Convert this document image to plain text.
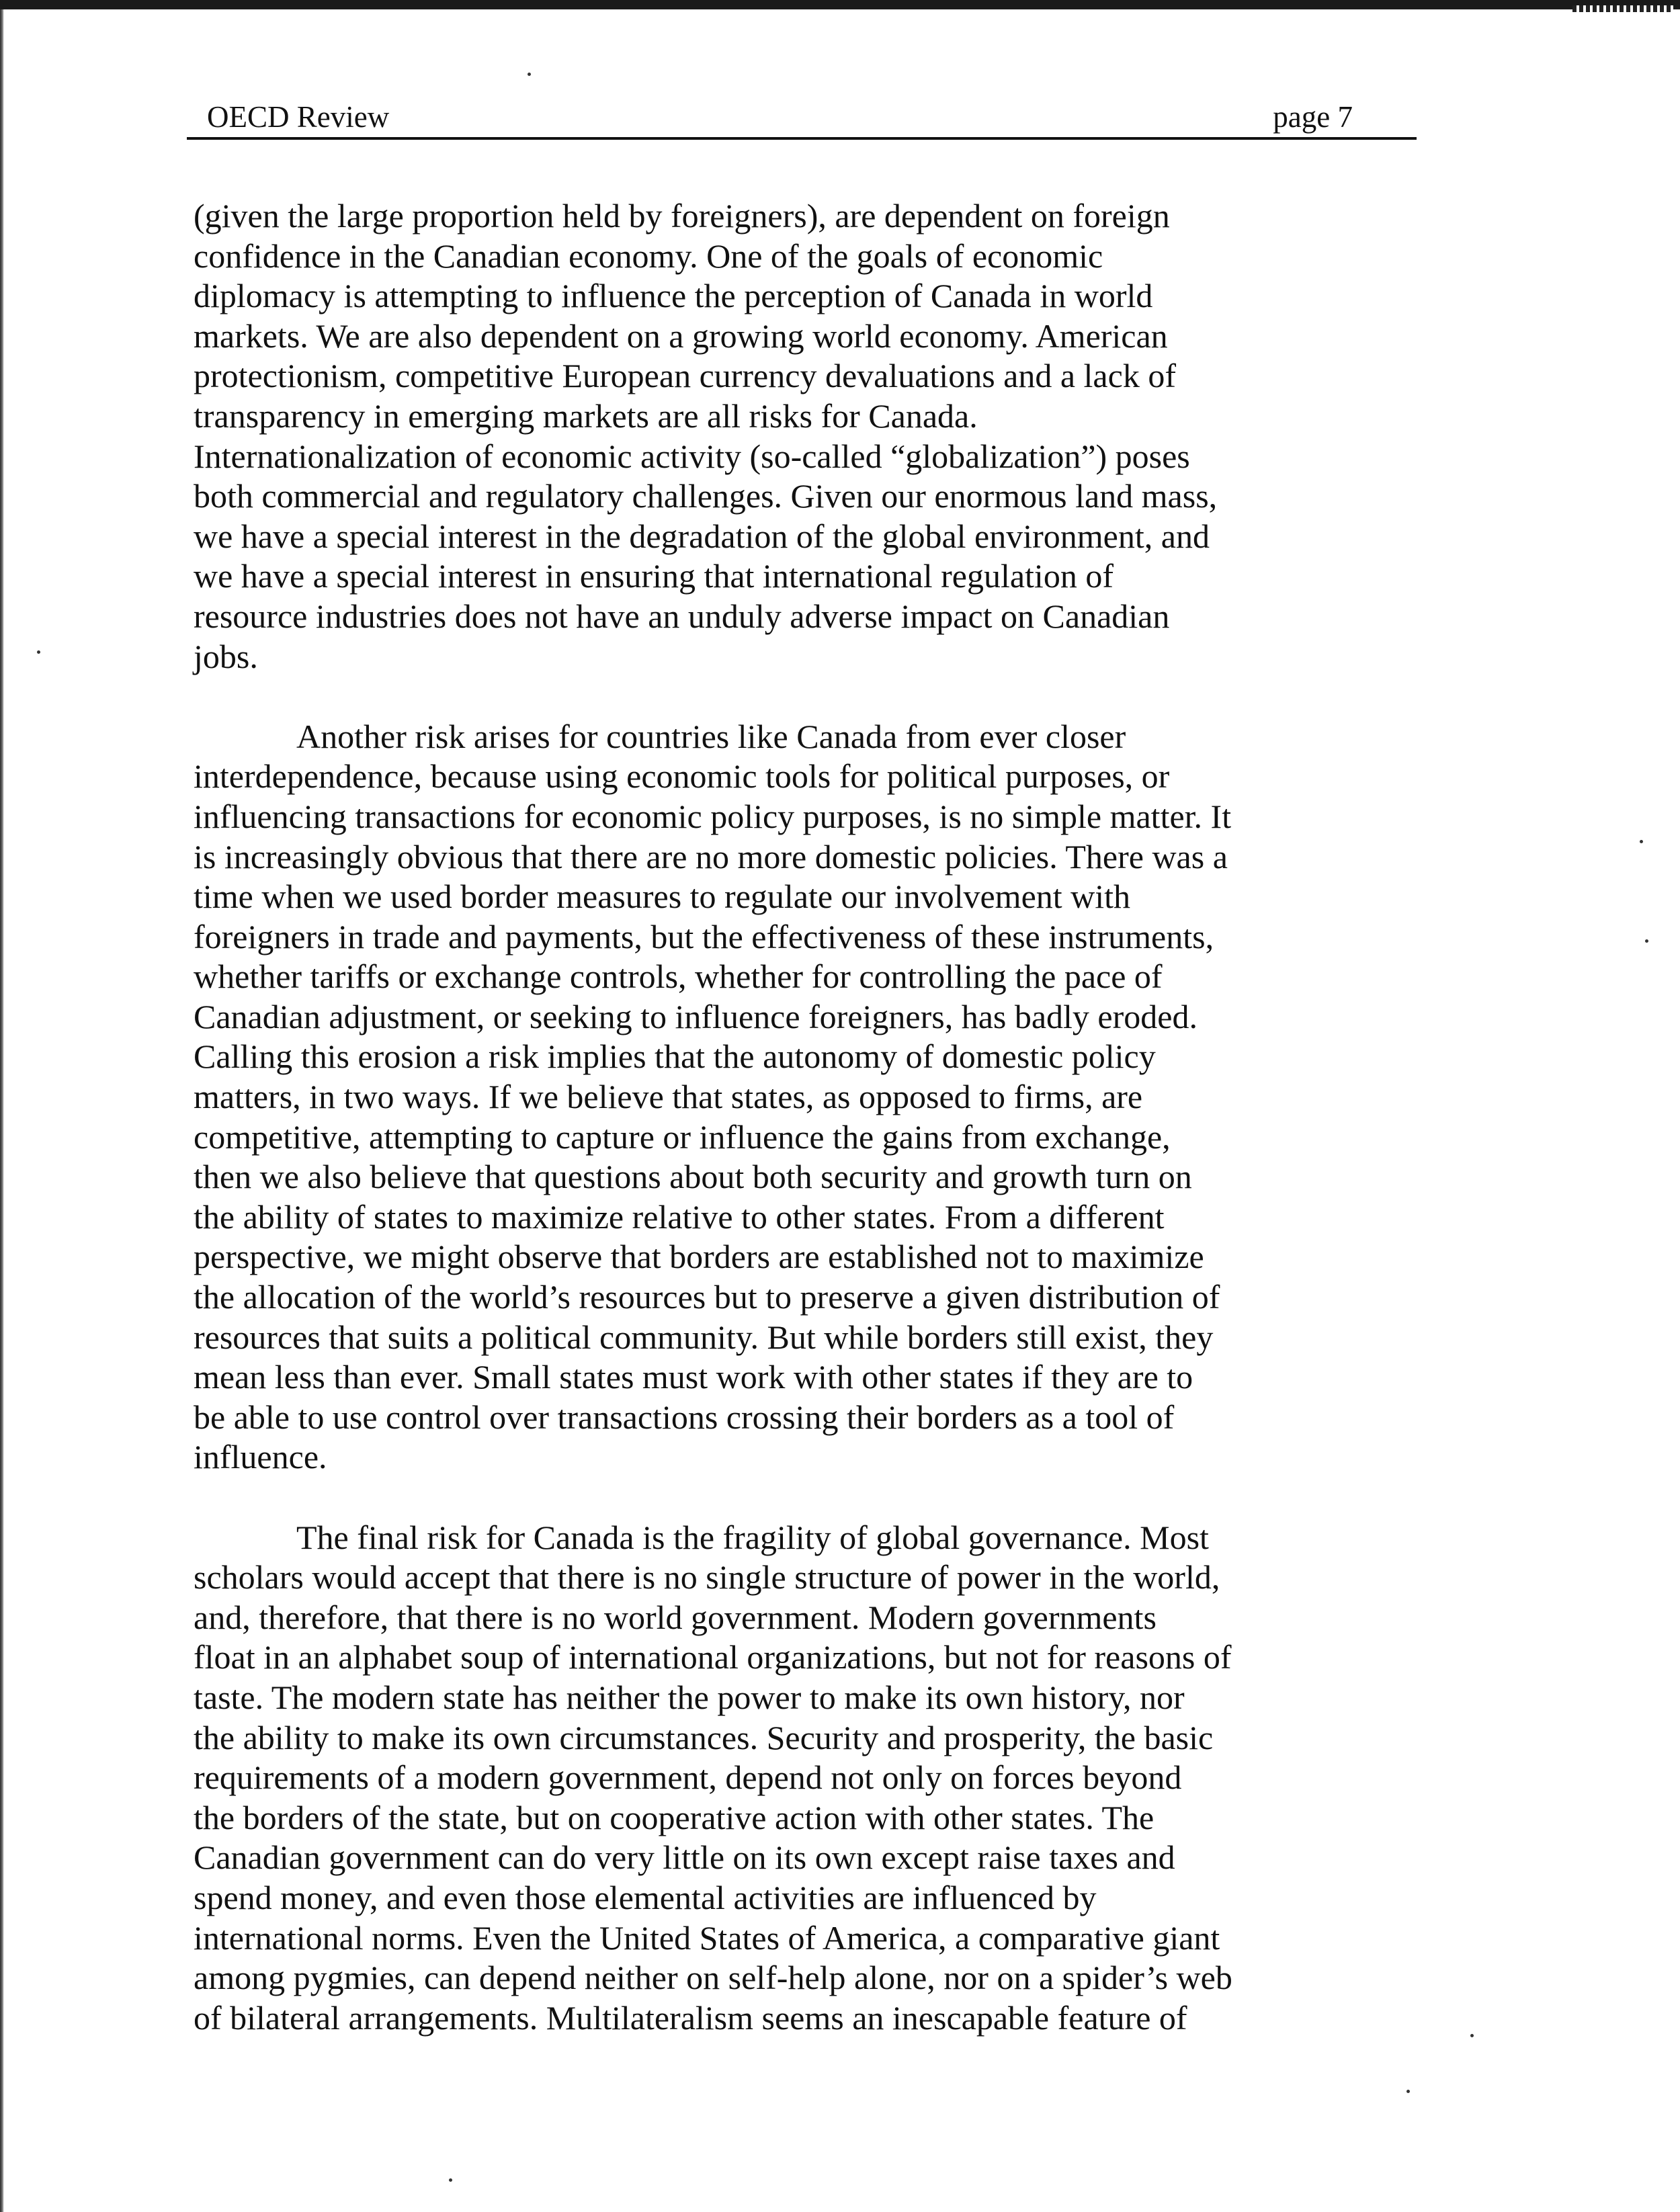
OECD Review	page 7

(given the large proportion held by foreigners), are dependent on foreign
confidence in the Canadian economy. One of the goals of economic
diplomacy is attempting to influence the perception of Canada in world
markets. We are also dependent on a growing world economy. American
protectionism, competitive European currency devaluations and a lack of
transparency in emerging markets are all risks for Canada.
Internationalization of economic activity (so-called “globalization”) poses
both commercial and regulatory challenges. Given our enormous land mass,
we have a special interest in the degradation of the global environment, and
we have a special interest in ensuring that international regulation of
resource industries does not have an unduly adverse impact on Canadian
jobs.

Another risk arises for countries like Canada from ever closer
interdependence, because using economic tools for political purposes, or
influencing transactions for economic policy purposes, is no simple matter. It
is increasingly obvious that there are no more domestic policies. There was a
time when we used border measures to regulate our involvement with
foreigners in trade and payments, but the effectiveness of these instruments,
whether tariffs or exchange controls, whether for controlling the pace of
Canadian adjustment, or seeking to influence foreigners, has badly eroded.
Calling this erosion a risk implies that the autonomy of domestic policy
matters, in two ways. If we believe that states, as opposed to firms, are
competitive, attempting to capture or influence the gains from exchange,
then we also believe that questions about both security and growth turn on
the ability of states to maximize relative to other states. From a different
perspective, we might observe that borders are established not to maximize
the allocation of the world’s resources but to preserve a given distribution of
resources that suits a political community. But while borders still exist, they
mean less than ever. Small states must work with other states if they are to
be able to use control over transactions crossing their borders as a tool of
influence.

The final risk for Canada is the fragility of global governance. Most
scholars would accept that there is no single structure of power in the world,
and, therefore, that there is no world government. Modern governments
float in an alphabet soup of international organizations, but not for reasons of
taste. The modern state has neither the power to make its own history, nor
the ability to make its own circumstances. Security and prosperity, the basic
requirements of a modern government, depend not only on forces beyond
the borders of the state, but on cooperative action with other states. The
Canadian government can do very little on its own except raise taxes and
spend money, and even those elemental activities are influenced by
international norms. Even the United States of America, a comparative giant
among pygmies, can depend neither on self-help alone, nor on a spider’s web
of bilateral arrangements. Multilateralism seems an inescapable feature of
